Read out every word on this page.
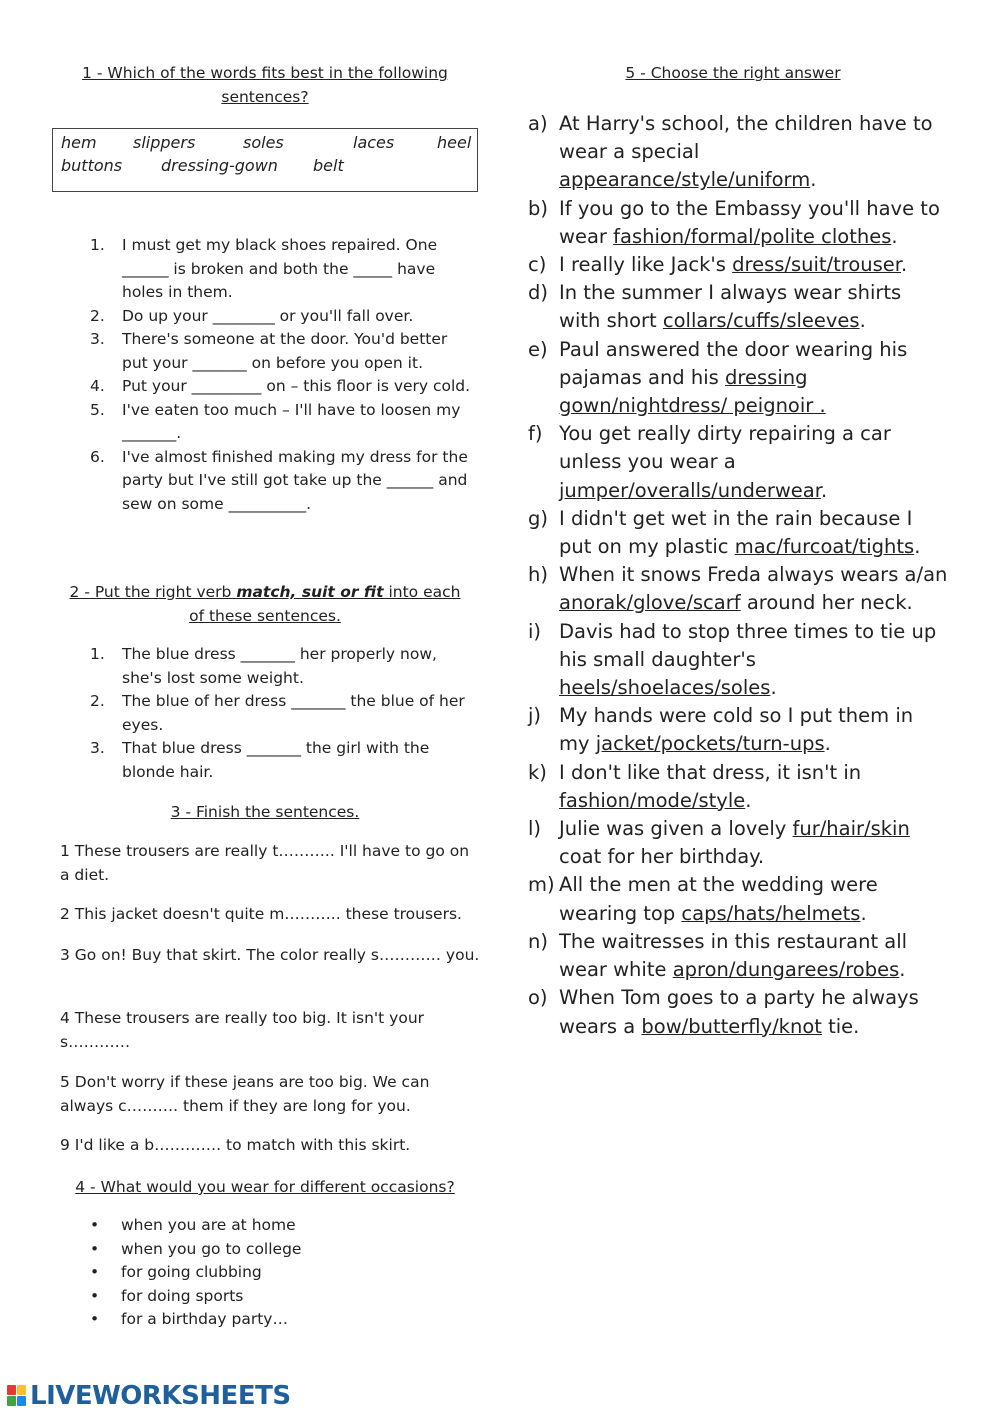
1 - Which of the words fits best in the following
sentences?
hem slippers	soles	laces	heel
buttons dressing-gown belt
1. I must get my black shoes repaired. One ______ is broken and both the _____ have holes in them.
2. Do up your ________ or you'll fall over.
3. There's someone at the door. You'd better put your _______ on before you open it.
4. Put your _________ on – this floor is very cold.
5. I've eaten too much – I'll have to loosen my _______.
6. I've almost finished making my dress for the party but I've still got take up the ______ and sew on some __________.
2 - Put the right verb match, suit or fit into each
of these sentences.
1. The blue dress _______ her properly now, she's lost some weight.
2. The blue of her dress _______ the blue of her eyes.
3. That blue dress _______ the girl with the blonde hair.
3 - Finish the sentences.
1 These trousers are really t……….. I'll have to go on a diet.
2 This jacket doesn't quite m……….. these trousers.
3 Go on! Buy that skirt. The color really s………… you.
4 These trousers are really too big. It isn't your s…………
5 Don't worry if these jeans are too big. We can always c………. them if they are long for you.
9 I'd like a b…………. to match with this skirt.
4 - What would you wear for different occasions?
• when you are at home
• when you go to college
• for going clubbing
• for doing sports
• for a birthday party…
5 - Choose the right answer
a) At Harry's school, the children have to wear a special appearance/style/uniform.
b) If you go to the Embassy you'll have to wear fashion/formal/polite clothes.
c) I really like Jack's dress/suit/trouser.
d) In the summer I always wear shirts with short collars/cuffs/sleeves.
e) Paul answered the door wearing his pajamas and his dressing gown/nightdress/ peignoir .
f) You get really dirty repairing a car unless you wear a jumper/overalls/underwear.
g) I didn't get wet in the rain because I put on my plastic mac/furcoat/tights.
h) When it snows Freda always wears a/an anorak/glove/scarf around her neck.
i) Davis had to stop three times to tie up his small daughter's heels/shoelaces/soles.
j) My hands were cold so I put them in my jacket/pockets/turn-ups.
k) I don't like that dress, it isn't in fashion/mode/style.
l) Julie was given a lovely fur/hair/skin coat for her birthday.
m) All the men at the wedding were wearing top caps/hats/helmets.
n) The waitresses in this restaurant all wear white apron/dungarees/robes.
o) When Tom goes to a party he always wears a bow/butterfly/knot tie.
LIVEWORKSHEETS
